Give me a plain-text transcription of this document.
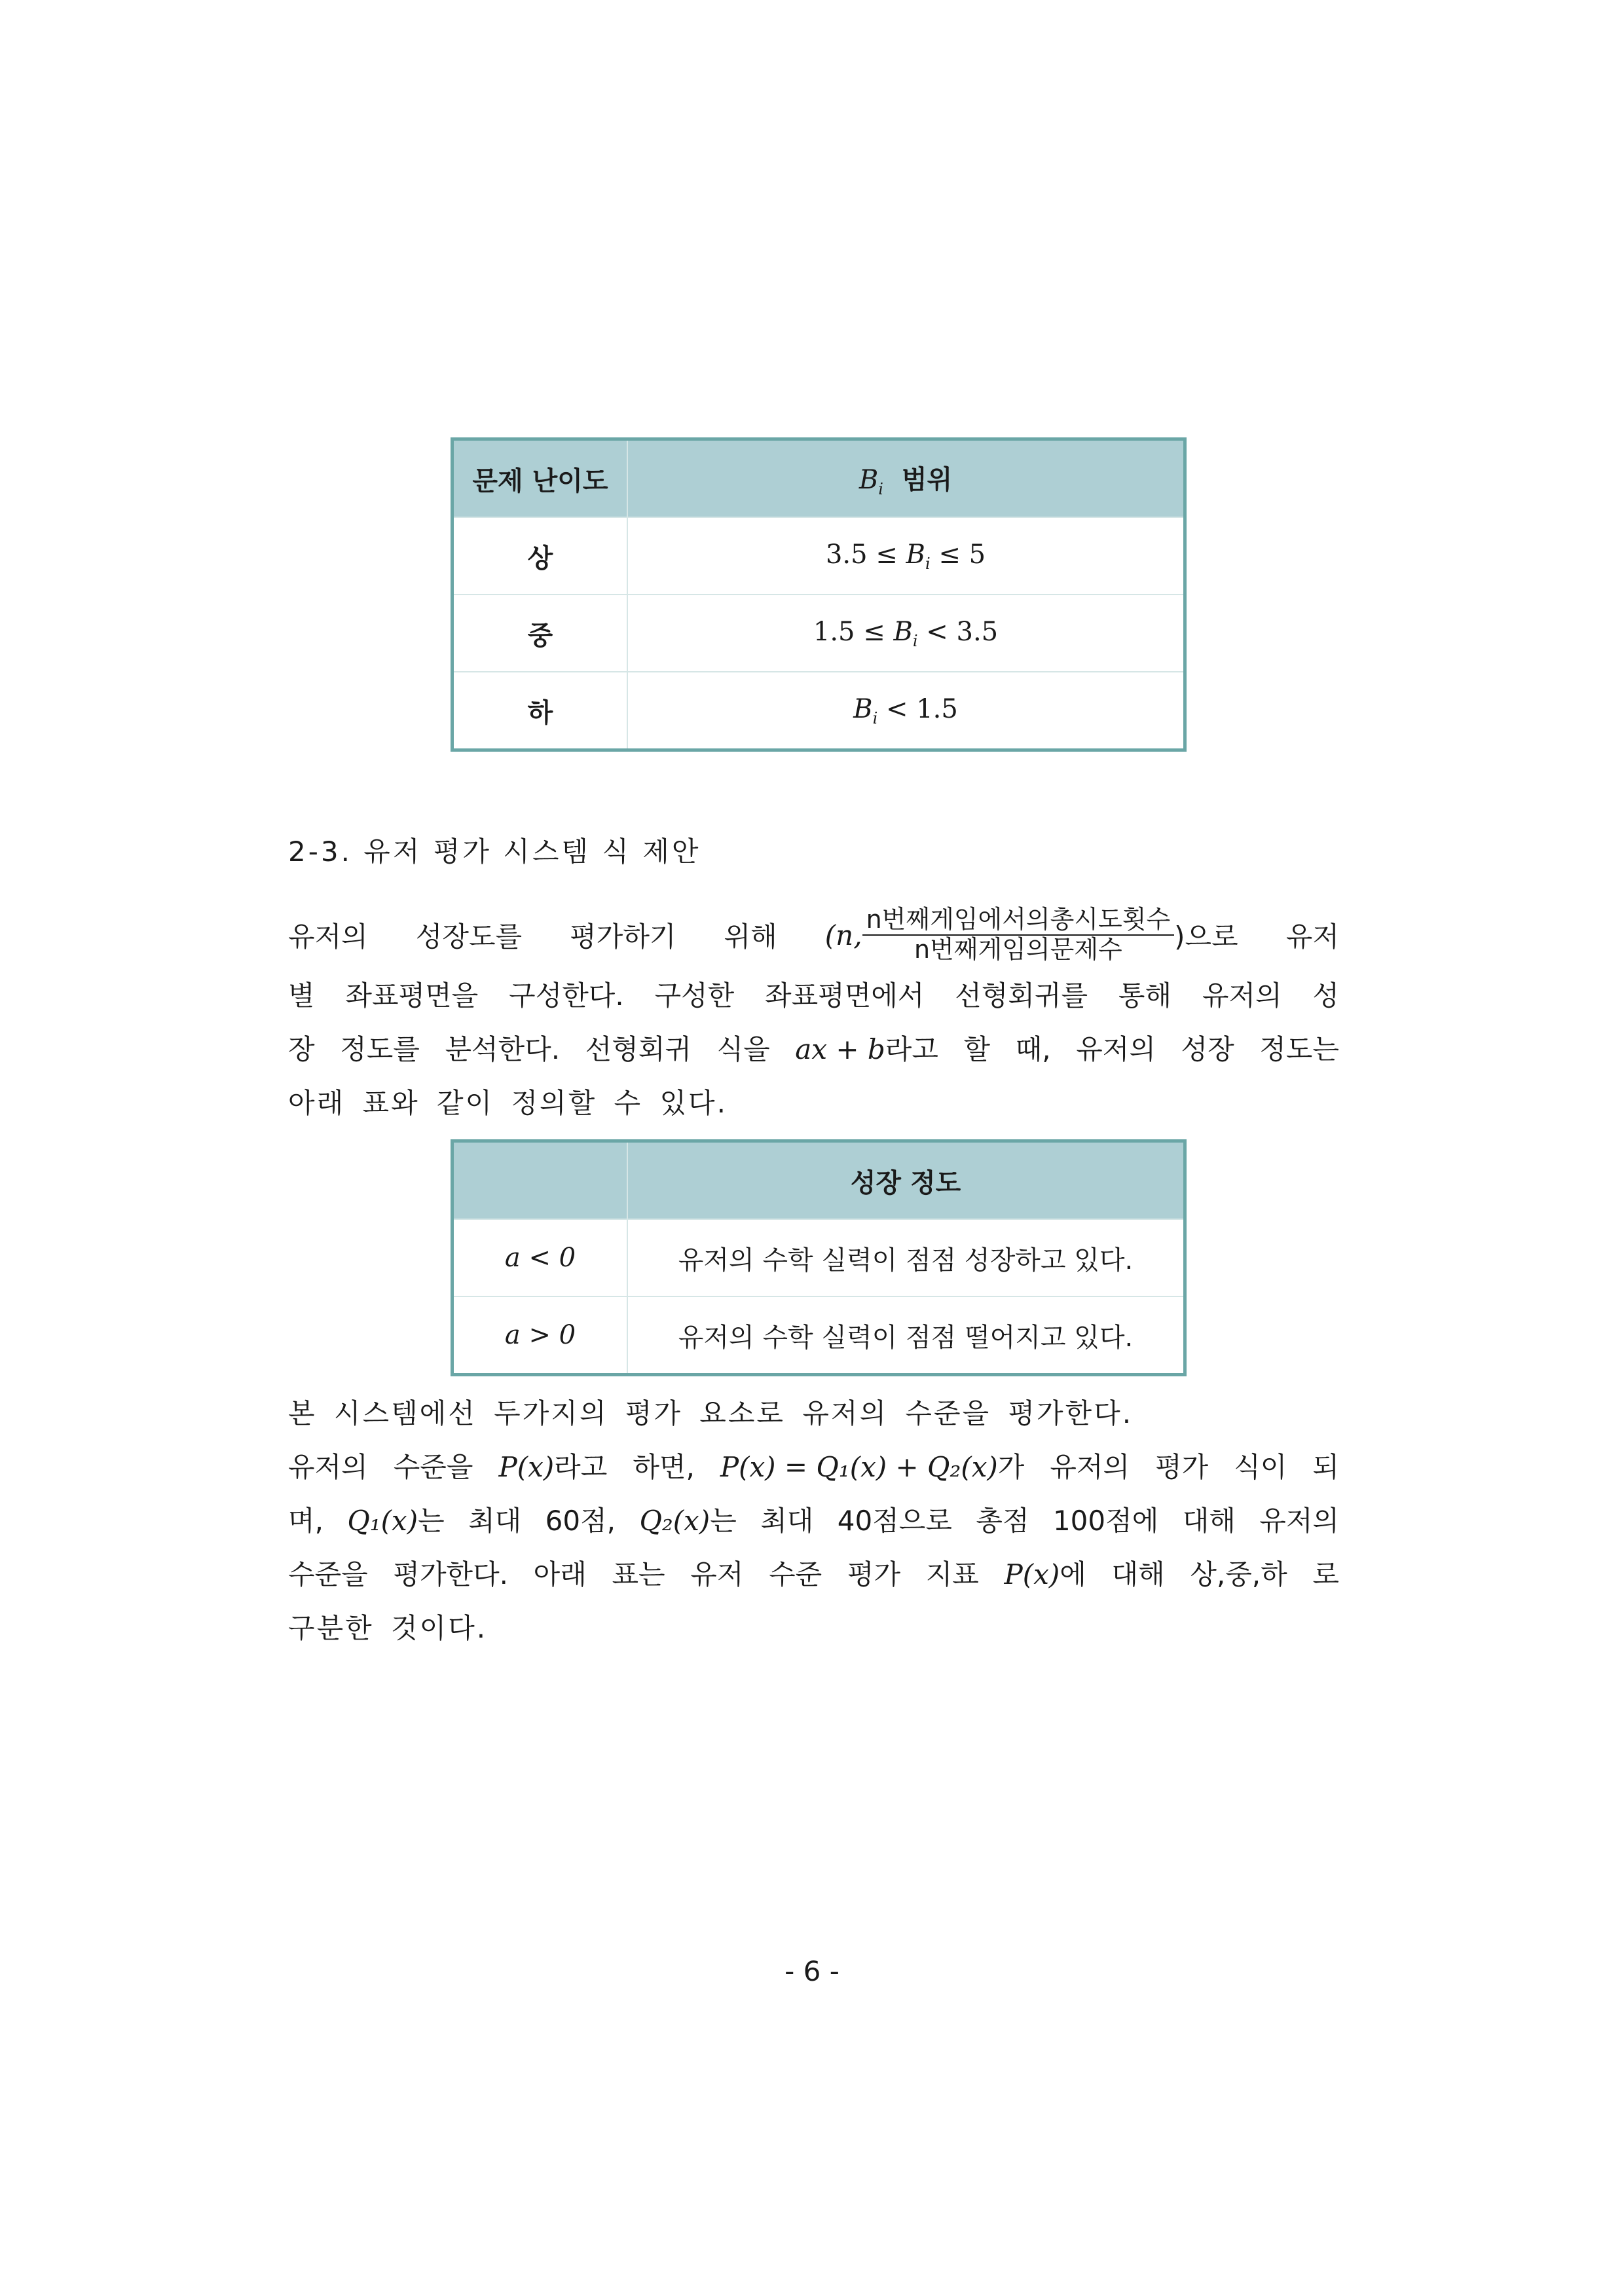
문제 난이도	$B_i$ 범위
상	$3.5 \le B_i \le 5$
중	$1.5 \le B_i < 3.5$
하	$B_i < 1.5$
2-3. 유저 평가 시스템 식 제안
유저의 성장도를 평가하기 위해 (n, $\frac{\text{n번째게임에서의총시도횟수}}{\text{n번째게임의문제수}}$ )으로 유저
별 좌표평면을 구성한다. 구성한 좌표평면에서 선형회귀를 통해 유저의 성
장 정도를 분석한다. 선형회귀 식을 ax + b라고 할 때, 유저의 성장 정도는
아래 표와 같이 정의할 수 있다.
	성장 정도
a < 0	유저의 수학 실력이 점점 성장하고 있다.
a > 0	유저의 수학 실력이 점점 떨어지고 있다.
본 시스템에선 두가지의 평가 요소로 유저의 수준을 평가한다.
유저의 수준을 P(x)라고 하면, P(x) = Q₁(x) + Q₂(x)가 유저의 평가 식이 되
며, Q₁(x)는 최대 60점, Q₂(x)는 최대 40점으로 총점 100점에 대해 유저의
수준을 평가한다. 아래 표는 유저 수준 평가 지표 P(x)에 대해 상,중,하 로
구분한 것이다.
- 6 -
